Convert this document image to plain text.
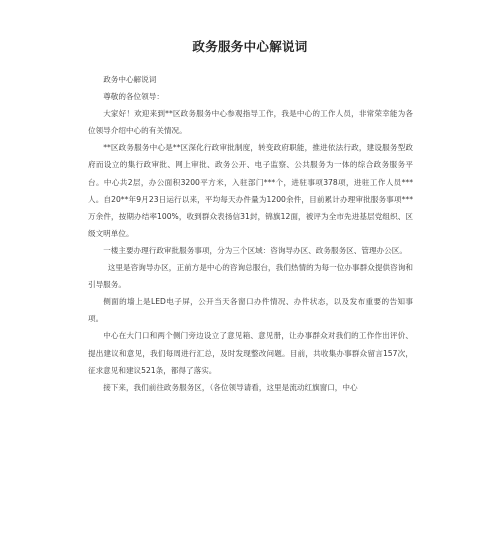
政务服务中心解说词

政务中心解说词

尊敬的各位领导：

大家好！欢迎来到**区政务服务中心参观指导工作，我是中心的工作人员，非常荣幸能为各位领导介绍中心的有关情况。

**区政务服务中心是**区深化行政审批制度，转变政府职能，推进依法行政，建设服务型政府而设立的集行政审批、网上审批、政务公开、电子监察、公共服务为一体的综合政务服务平台。中心共2层，办公面积3200平方米，入驻部门***个，进驻事项378项，进驻工作人员***人。自20**年9月23日运行以来，平均每天办件量为1200余件，目前累计办理审批服务事项***万余件，按期办结率100%，收到群众表扬信31封，锦旗12面，被评为全市先进基层党组织、区级文明单位。

一楼主要办理行政审批服务事项，分为三个区域：咨询导办区、政务服务区、管理办公区。

这里是咨询导办区，正前方是中心的咨询总服台，我们热情的为每一位办事群众提供咨询和引导服务。

侧面的墙上是LED电子屏，公开当天各窗口办件情况、办件状态，以及发布重要的告知事项。

中心在大门口和两个侧门旁边设立了意见箱、意见册，让办事群众对我们的工作作出评价、提出建议和意见，我们每周进行汇总，及时发现整改问题。目前，共收集办事群众留言157次，征求意见和建议521条，都得了落实。

接下来，我们前往政务服务区，（各位领导请看，这里是流动红旗窗口，中心
